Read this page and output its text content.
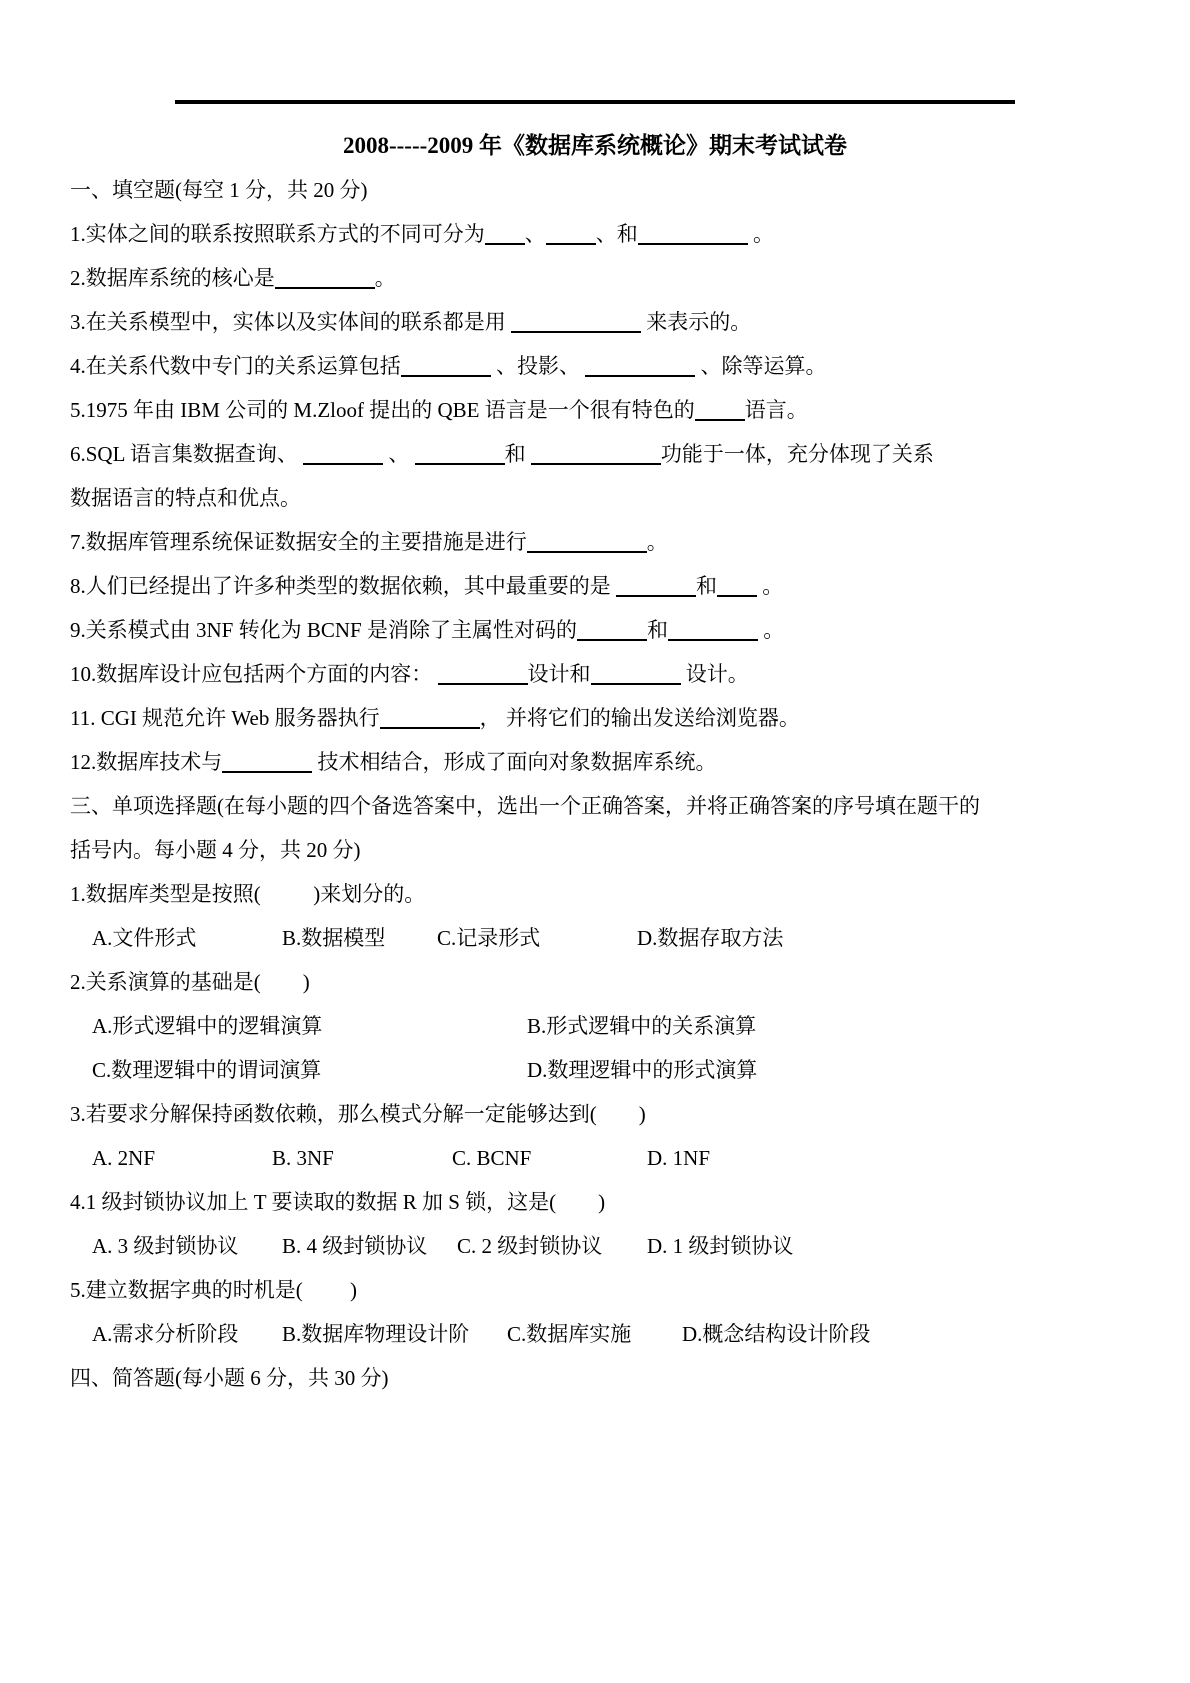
2008-----2009 年《数据库系统概论》期末考试试卷
一、填空题(每空 1 分，共 20 分)
1.实体之间的联系按照联系方式的不同可分为 、 、和	。
2.数据库系统的核心是	。
3.在关系模型中，实体以及实体间的联系都是用	来表示的。
4.在关系代数中专门的关系运算包括	、投影、	、除等运算。
5.1975 年由 IBM 公司的 M.Zloof 提出的 QBE 语言是一个很有特色的 语言。
6.SQL 语言集数据查询、	、	和	功能于一体，充分体现了关系
数据语言的特点和优点。
7.数据库管理系统保证数据安全的主要措施是进行	。
8.人们已经提出了许多种类型的数据依赖，其中最重要的是	和 。
9.关系模式由 3NF 转化为 BCNF 是消除了主属性对码的	和	。
10.数据库设计应包括两个方面的内容：	设计和	设计。
11. CGI 规范允许 Web 服务器执行	， 并将它们的输出发送给浏览器。
12.数据库技术与	技术相结合，形成了面向对象数据库系统。
三、单项选择题(在每小题的四个备选答案中，选出一个正确答案，并将正确答案的序号填在题干的
括号内。每小题 4 分，共 20 分)
1.数据库类型是按照(          )来划分的。
A.文件形式	B.数据模型	C.记录形式	D.数据存取方法
2.关系演算的基础是(        )
A.形式逻辑中的逻辑演算	B.形式逻辑中的关系演算
C.数理逻辑中的谓词演算	D.数理逻辑中的形式演算
3.若要求分解保持函数依赖，那么模式分解一定能够达到(        )
A. 2NF	B. 3NF	C. BCNF	D. 1NF
4.1 级封锁协议加上 T 要读取的数据 R 加 S 锁，这是(        )
A. 3 级封锁协议	B. 4 级封锁协议	C. 2 级封锁协议	D. 1 级封锁协议
5.建立数据字典的时机是(         )
A.需求分析阶段	B.数据库物理设计阶	C.数据库实施	D.概念结构设计阶段
四、简答题(每小题 6 分，共 30 分)
